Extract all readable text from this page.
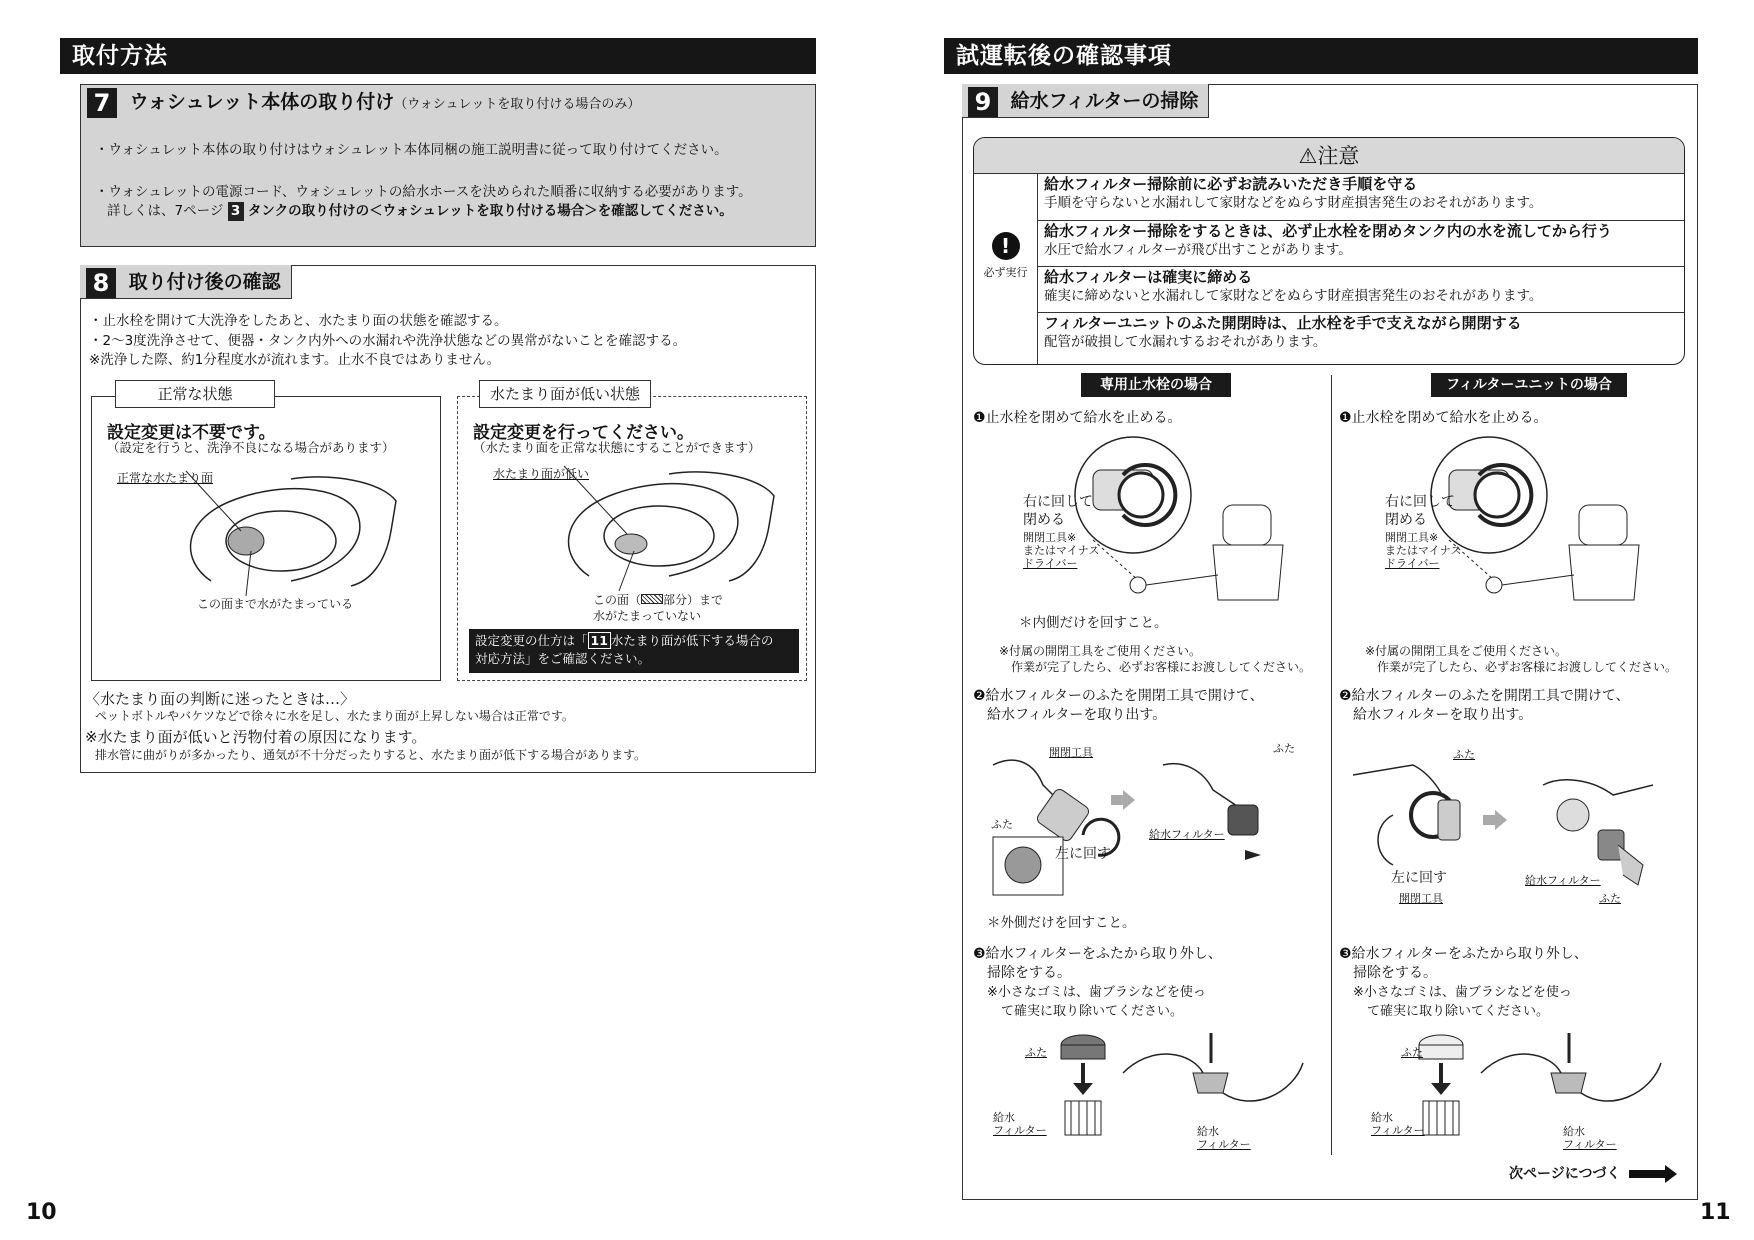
取付方法
7 ウォシュレット本体の取り付け（ウォシュレットを取り付ける場合のみ）
・ウォシュレット本体の取り付けはウォシュレット本体同梱の施工説明書に従って取り付けてください。
・ウォシュレットの電源コード、ウォシュレットの給水ホースを決められた順番に収納する必要があります。
詳しくは、7ページ 3 タンクの取り付けの＜ウォシュレットを取り付ける場合＞を確認してください。
8 取り付け後の確認
・止水栓を開けて大洗浄をしたあと、水たまり面の状態を確認する。
・2～3度洗浄させて、便器・タンク内外への水漏れや洗浄状態などの異常がないことを確認する。
※洗浄した際、約1分程度水が流れます。止水不良ではありません。
正常な状態
設定変更は不要です。
（設定を行うと、洗浄不良になる場合があります）
正常な水たまり面
この面まで水がたまっている
水たまり面が低い状態
設定変更を行ってください。
（水たまり面を正常な状態にすることができます）
水たまり面が低い
この面（ 部分）まで
水がたまっていない
設定変更の仕方は「 11 水たまり面が低下する場合の
対応方法」をご確認ください。
〈水たまり面の判断に迷ったときは…〉
ペットボトルやバケツなどで徐々に水を足し、水たまり面が上昇しない場合は正常です。
※水たまり面が低いと汚物付着の原因になります。
排水管に曲がりが多かったり、通気が不十分だったりすると、水たまり面が低下する場合があります。
10
試運転後の確認事項
9 給水フィルターの掃除
⚠注意
!
必ず実行
給水フィルター掃除前に必ずお読みいただき手順を守る
手順を守らないと水漏れして家財などをぬらす財産損害発生のおそれがあります。
給水フィルター掃除をするときは、必ず止水栓を閉めタンク内の水を流してから行う
水圧で給水フィルターが飛び出すことがあります。
給水フィルターは確実に締める
確実に締めないと水漏れして家財などをぬらす財産損害発生のおそれがあります。
フィルターユニットのふた開閉時は、止水栓を手で支えながら開閉する
配管が破損して水漏れするおそれがあります。
専用止水栓の場合
❶止水栓を閉めて給水を止める。
右に回して
閉める
開閉工具※
またはマイナス
ドライバー
＊内側だけを回すこと。
※付属の開閉工具をご使用ください。
作業が完了したら、必ずお客様にお渡ししてください。
❷給水フィルターのふたを開閉工具で開けて、
給水フィルターを取り出す。
開閉工具
ふた
左に回す
ふた
給水フィルター
＊外側だけを回すこと。
❸給水フィルターをふたから取り外し、
掃除をする。
※小さなゴミは、歯ブラシなどを使っ
て確実に取り除いてください。
ふた
給水
フィルター	給水
フィルター
フィルターユニットの場合
❶止水栓を閉めて給水を止める。
右に回して
閉める
開閉工具※
またはマイナス
ドライバー
※付属の開閉工具をご使用ください。
作業が完了したら、必ずお客様にお渡ししてください。
❷給水フィルターのふたを開閉工具で開けて、
給水フィルターを取り出す。
ふた
左に回す
開閉工具
給水フィルター
ふた
❸給水フィルターをふたから取り外し、
掃除をする。
※小さなゴミは、歯ブラシなどを使っ
て確実に取り除いてください。
ふた
給水
フィルター	給水
フィルター
次ページにつづく
11
